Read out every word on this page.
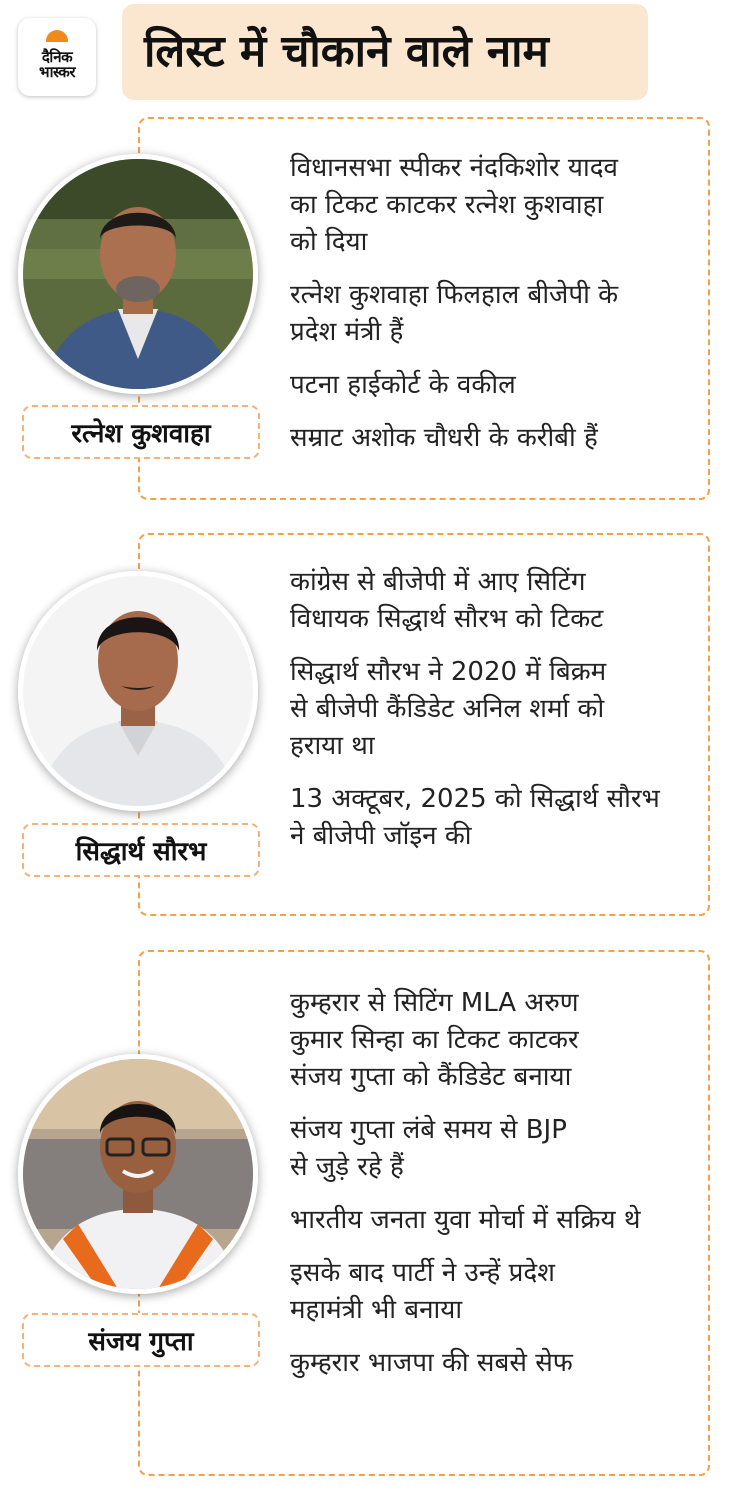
दैनिक
भास्कर लिस्ट में चौकाने वाले नाम
रत्नेश कुशवाहा
विधानसभा स्पीकर नंदकिशोर यादव
का टिकट काटकर रत्नेश कुशवाहा
को दिया
रत्नेश कुशवाहा फिलहाल बीजेपी के
प्रदेश मंत्री हैं
पटना हाईकोर्ट के वकील
सम्राट अशोक चौधरी के करीबी हैं
सिद्धार्थ सौरभ
कांग्रेस से बीजेपी में आए सिटिंग
विधायक सिद्धार्थ सौरभ को टिकट
सिद्धार्थ सौरभ ने 2020 में बिक्रम
से बीजेपी कैंडिडेट अनिल शर्मा को
हराया था
13 अक्टूबर, 2025 को सिद्धार्थ सौरभ
ने बीजेपी जॉइन की
संजय गुप्ता
कुम्हरार से सिटिंग MLA अरुण
कुमार सिन्हा का टिकट काटकर
संजय गुप्ता को कैंडिडेट बनाया
संजय गुप्ता लंबे समय से BJP
से जुड़े रहे हैं
भारतीय जनता युवा मोर्चा में सक्रिय थे
इसके बाद पार्टी ने उन्हें प्रदेश
महामंत्री भी बनाया
कुम्हरार भाजपा की सबसे सेफ
